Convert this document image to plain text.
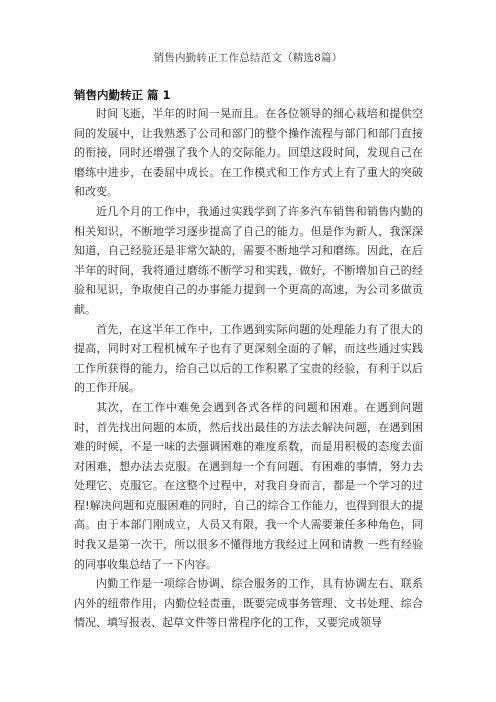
销售内勤转正工作总结范文（精选8篇）

销售内勤转正 篇 1

时间飞逝，半年的时间一晃而且。在各位领导的细心栽培和提供空间的发展中，让我熟悉了公司和部门的整个操作流程与部门和部门直接的衔接，同时还增强了我个人的交际能力。回望这段时间，发现自己在磨练中进步，在委屈中成长。在工作模式和工作方式上有了重大的突破和改变。

近几个月的工作中，我通过实践学到了许多汽车销售和销售内勤的相关知识，不断地学习逐步提高了自己的能力。但是作为新人，我深深知道，自己经验还是非常欠缺的，需要不断地学习和磨练。因此，在后半年的时间，我将通过磨练不断学习和实践，做好，不断增加自己的经验和见识，争取使自己的办事能力提到一个更高的高速，为公司多做贡献。

首先，在这半年工作中，工作遇到实际问题的处理能力有了很大的提高，同时对工程机械车子也有了更深刻全面的了解，而这些通过实践工作所获得的能力，给自己以后的工作积累了宝贵的经验，有利于以后的工作开展。

其次，在工作中难免会遇到各式各样的问题和困难。在遇到问题时，首先找出问题的本质，然后找出最佳的方法去解决问题，在遇到困难的时候，不是一味的去强调困难的难度系数，而是用积极的态度去面对困难，想办法去克服。在遇到每一个有问题、有困难的事情，努力去处理它、克服它。在这整个过程中，对我自身而言，都是一个学习的过程!解决问题和克服困难的同时，自己的综合工作能力，也得到很大的提高。由于本部门刚成立，人员又有限，我一个人需要兼任多种角色，同时我又是第一次干，所以很多不懂得地方我经过上网和请教 一些有经验的同事收集总结了一下内容。

内勤工作是一项综合协调、综合服务的工作，具有协调左右、联系内外的纽带作用，内勤位轻责重，既要完成事务管理、文书处理、综合情况、填写报表、起草文件等日常程序化的工作，又要完成领导
